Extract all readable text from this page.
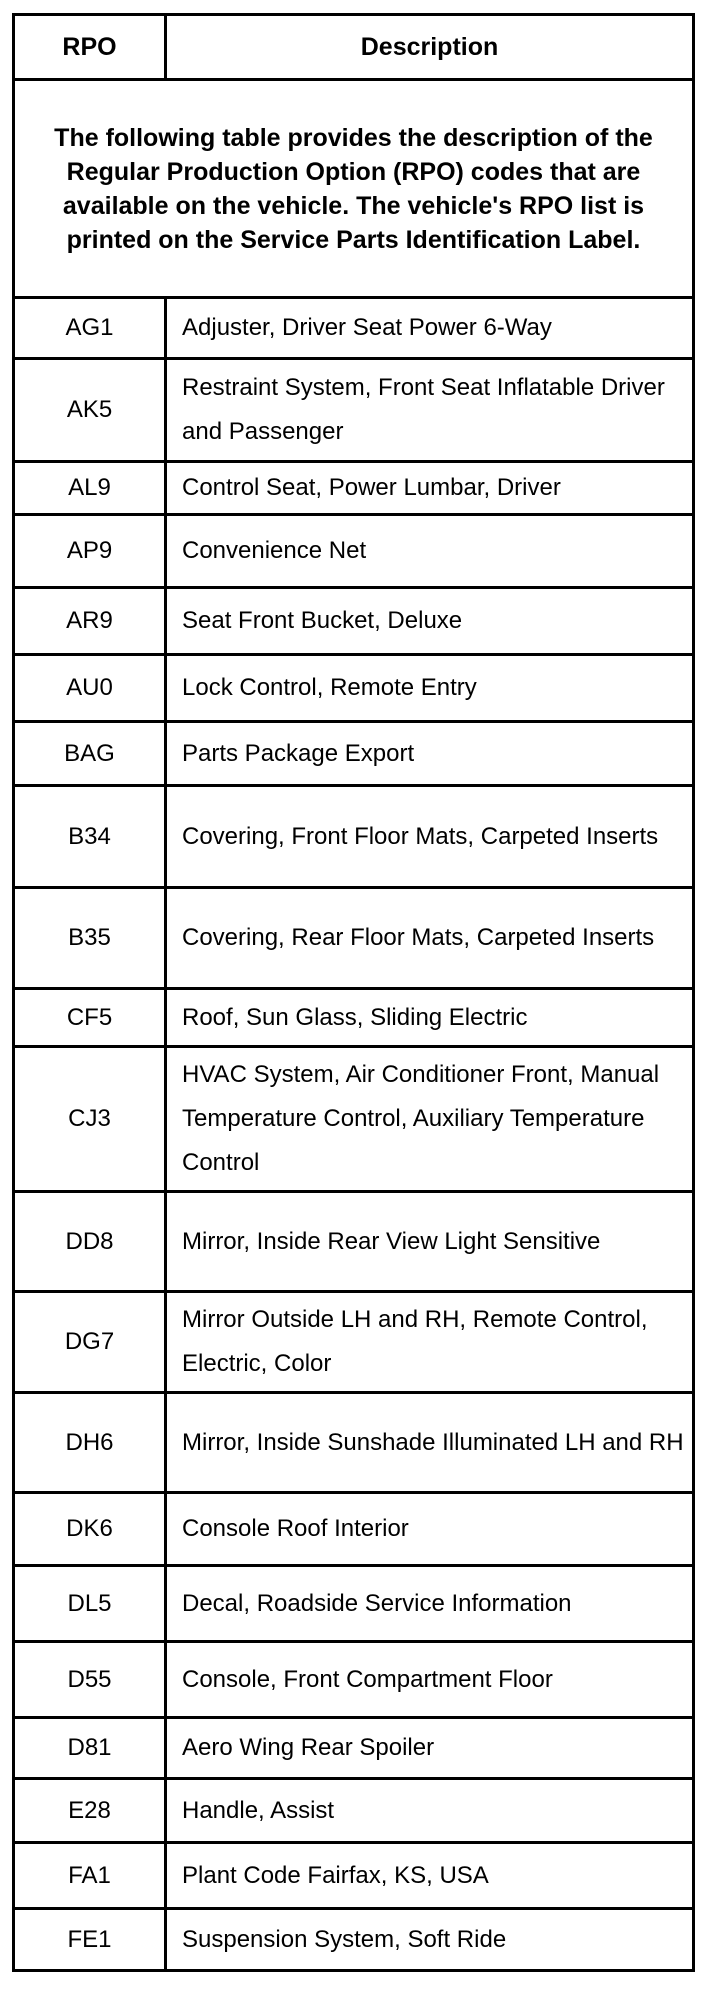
RPO	Description
The following table provides the description of the Regular Production Option (RPO) codes that are available on the vehicle. The vehicle's RPO list is printed on the Service Parts Identification Label.	
AG1	Adjuster, Driver Seat Power 6-Way
AK5	Restraint System, Front Seat Inflatable Driver and Passenger
AL9	Control Seat, Power Lumbar, Driver
AP9	Convenience Net
AR9	Seat Front Bucket, Deluxe
AU0	Lock Control, Remote Entry
BAG	Parts Package Export
B34	Covering, Front Floor Mats, Carpeted Inserts
B35	Covering, Rear Floor Mats, Carpeted Inserts
CF5	Roof, Sun Glass, Sliding Electric
CJ3	HVAC System, Air Conditioner Front, Manual Temperature Control, Auxiliary Temperature Control
DD8	Mirror, Inside Rear View Light Sensitive
DG7	Mirror Outside LH and RH, Remote Control, Electric, Color
DH6	Mirror, Inside Sunshade Illuminated LH and RH
DK6	Console Roof Interior
DL5	Decal, Roadside Service Information
D55	Console, Front Compartment Floor
D81	Aero Wing Rear Spoiler
E28	Handle, Assist
FA1	Plant Code Fairfax, KS, USA
FE1	Suspension System, Soft Ride
